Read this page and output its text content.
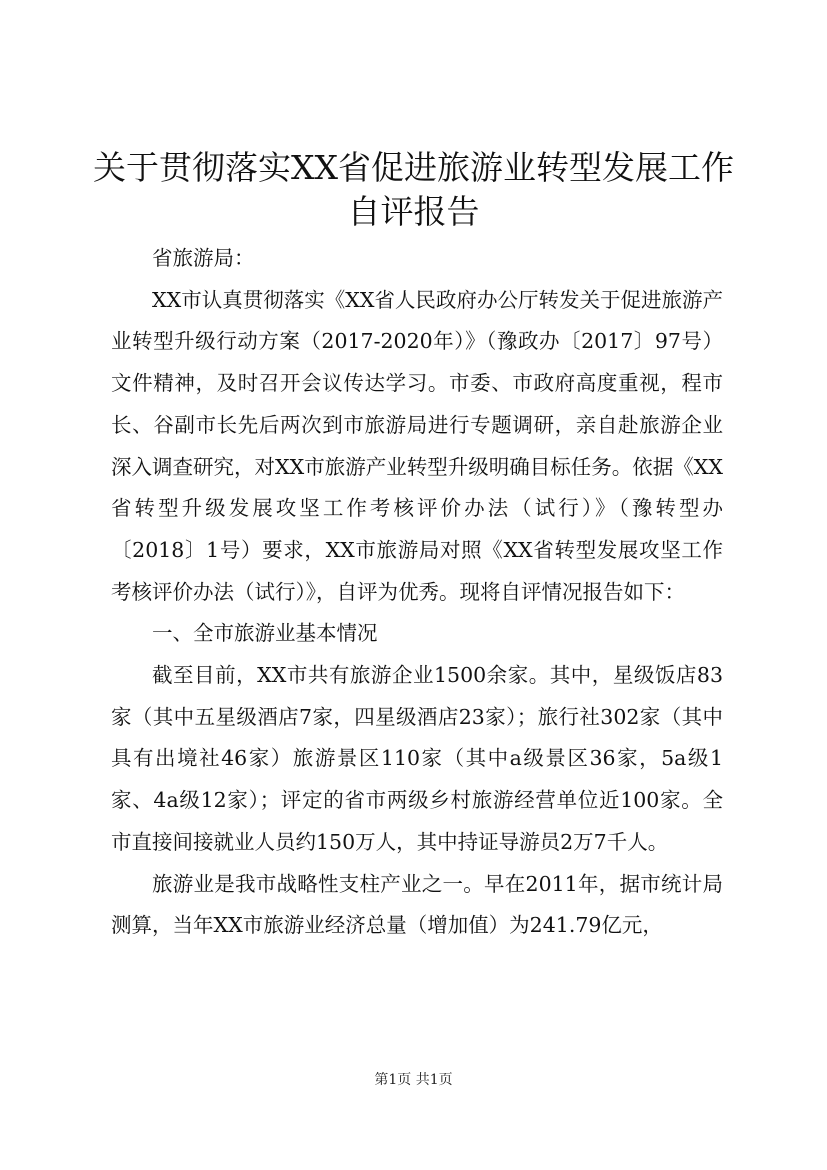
关于贯彻落实XX省促进旅游业转型发展工作
自评报告

省旅游局：

XX市认真贯彻落实《XX省人民政府办公厅转发关于促进旅游产业转型升级行动方案（2017-2020年）》（豫政办〔2017〕97号）文件精神，及时召开会议传达学习。市委、市政府高度重视，程市长、谷副市长先后两次到市旅游局进行专题调研，亲自赴旅游企业深入调查研究，对XX市旅游产业转型升级明确目标任务。依据《XX省转型升级发展攻坚工作考核评价办法（试行）》（豫转型办〔2018〕1号）要求，XX市旅游局对照《XX省转型发展攻坚工作考核评价办法（试行）》，自评为优秀。现将自评情况报告如下：

一、全市旅游业基本情况

截至目前，XX市共有旅游企业1500余家。其中，星级饭店83家（其中五星级酒店7家，四星级酒店23家）；旅行社302家（其中具有出境社46家）旅游景区110家（其中a级景区36家，5a级1家、4a级12家）；评定的省市两级乡村旅游经营单位近100家。全市直接间接就业人员约150万人，其中持证导游员2万7千人。

旅游业是我市战略性支柱产业之一。早在2011年，据市统计局测算，当年XX市旅游业经济总量（增加值）为241.79亿元，

第1页 共1页
